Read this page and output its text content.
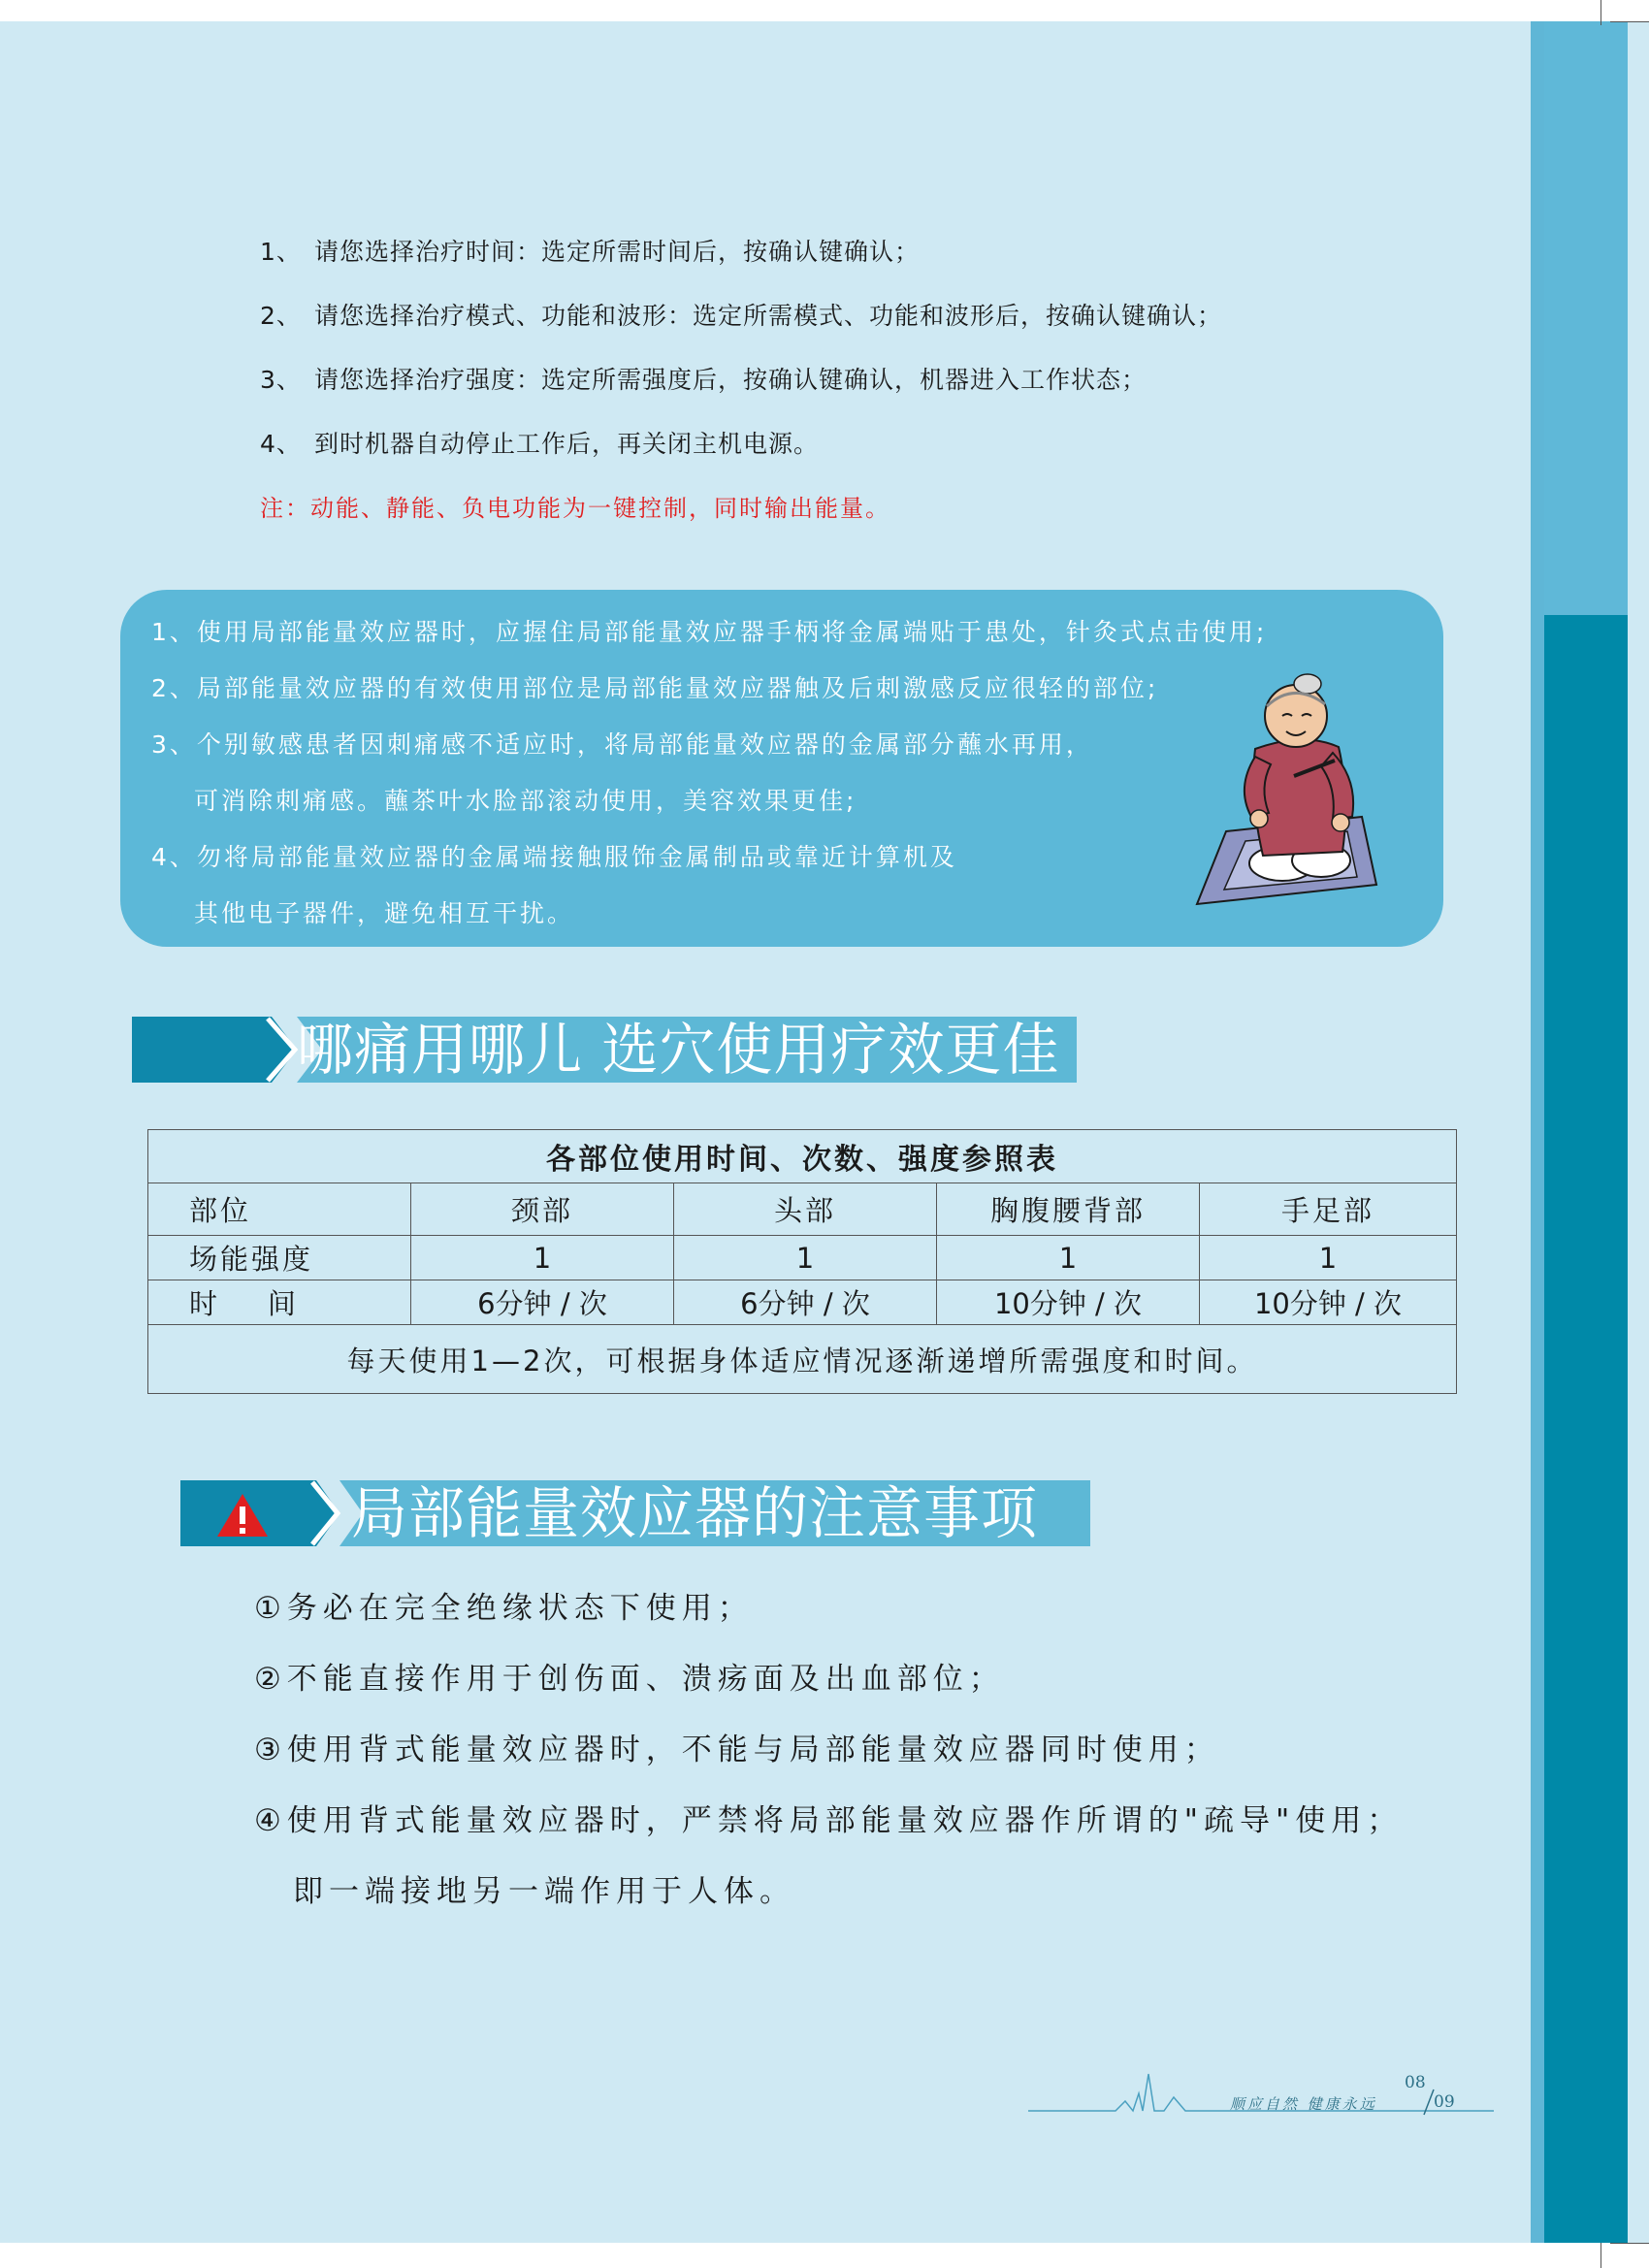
1、 请您选择治疗时间：选定所需时间后，按确认键确认；
2、 请您选择治疗模式、功能和波形：选定所需模式、功能和波形后，按确认键确认；
3、 请您选择治疗强度：选定所需强度后，按确认键确认，机器进入工作状态；
4、 到时机器自动停止工作后，再关闭主机电源。
注：动能、静能、负电功能为一键控制，同时输出能量。
1、使用局部能量效应器时，应握住局部能量效应器手柄将金属端贴于患处，针灸式点击使用;
2、局部能量效应器的有效使用部位是局部能量效应器触及后刺激感反应很轻的部位;
3、个别敏感患者因刺痛感不适应时，将局部能量效应器的金属部分蘸水再用，
可消除刺痛感。蘸茶叶水脸部滚动使用，美容效果更佳;
4、勿将局部能量效应器的金属端接触服饰金属制品或靠近计算机及
其他电子器件，避免相互干扰。
哪痛用哪儿 选穴使用疗效更佳
各部位使用时间、次数、强度参照表				
部位	颈部	头部	胸腹腰背部	手足部
场能强度	1	1	1	1
时    间	6分钟 / 次	6分钟 / 次	10分钟 / 次	10分钟 / 次
每天使用1—2次，可根据身体适应情况逐渐递增所需强度和时间。				
局部能量效应器的注意事项
①务必在完全绝缘状态下使用；
②不能直接作用于创伤面、溃疡面及出血部位；
③使用背式能量效应器时，不能与局部能量效应器同时使用；
④使用背式能量效应器时，严禁将局部能量效应器作所谓的"疏导"使用；
即一端接地另一端作用于人体。
顺应自然 健康永远
08
09
